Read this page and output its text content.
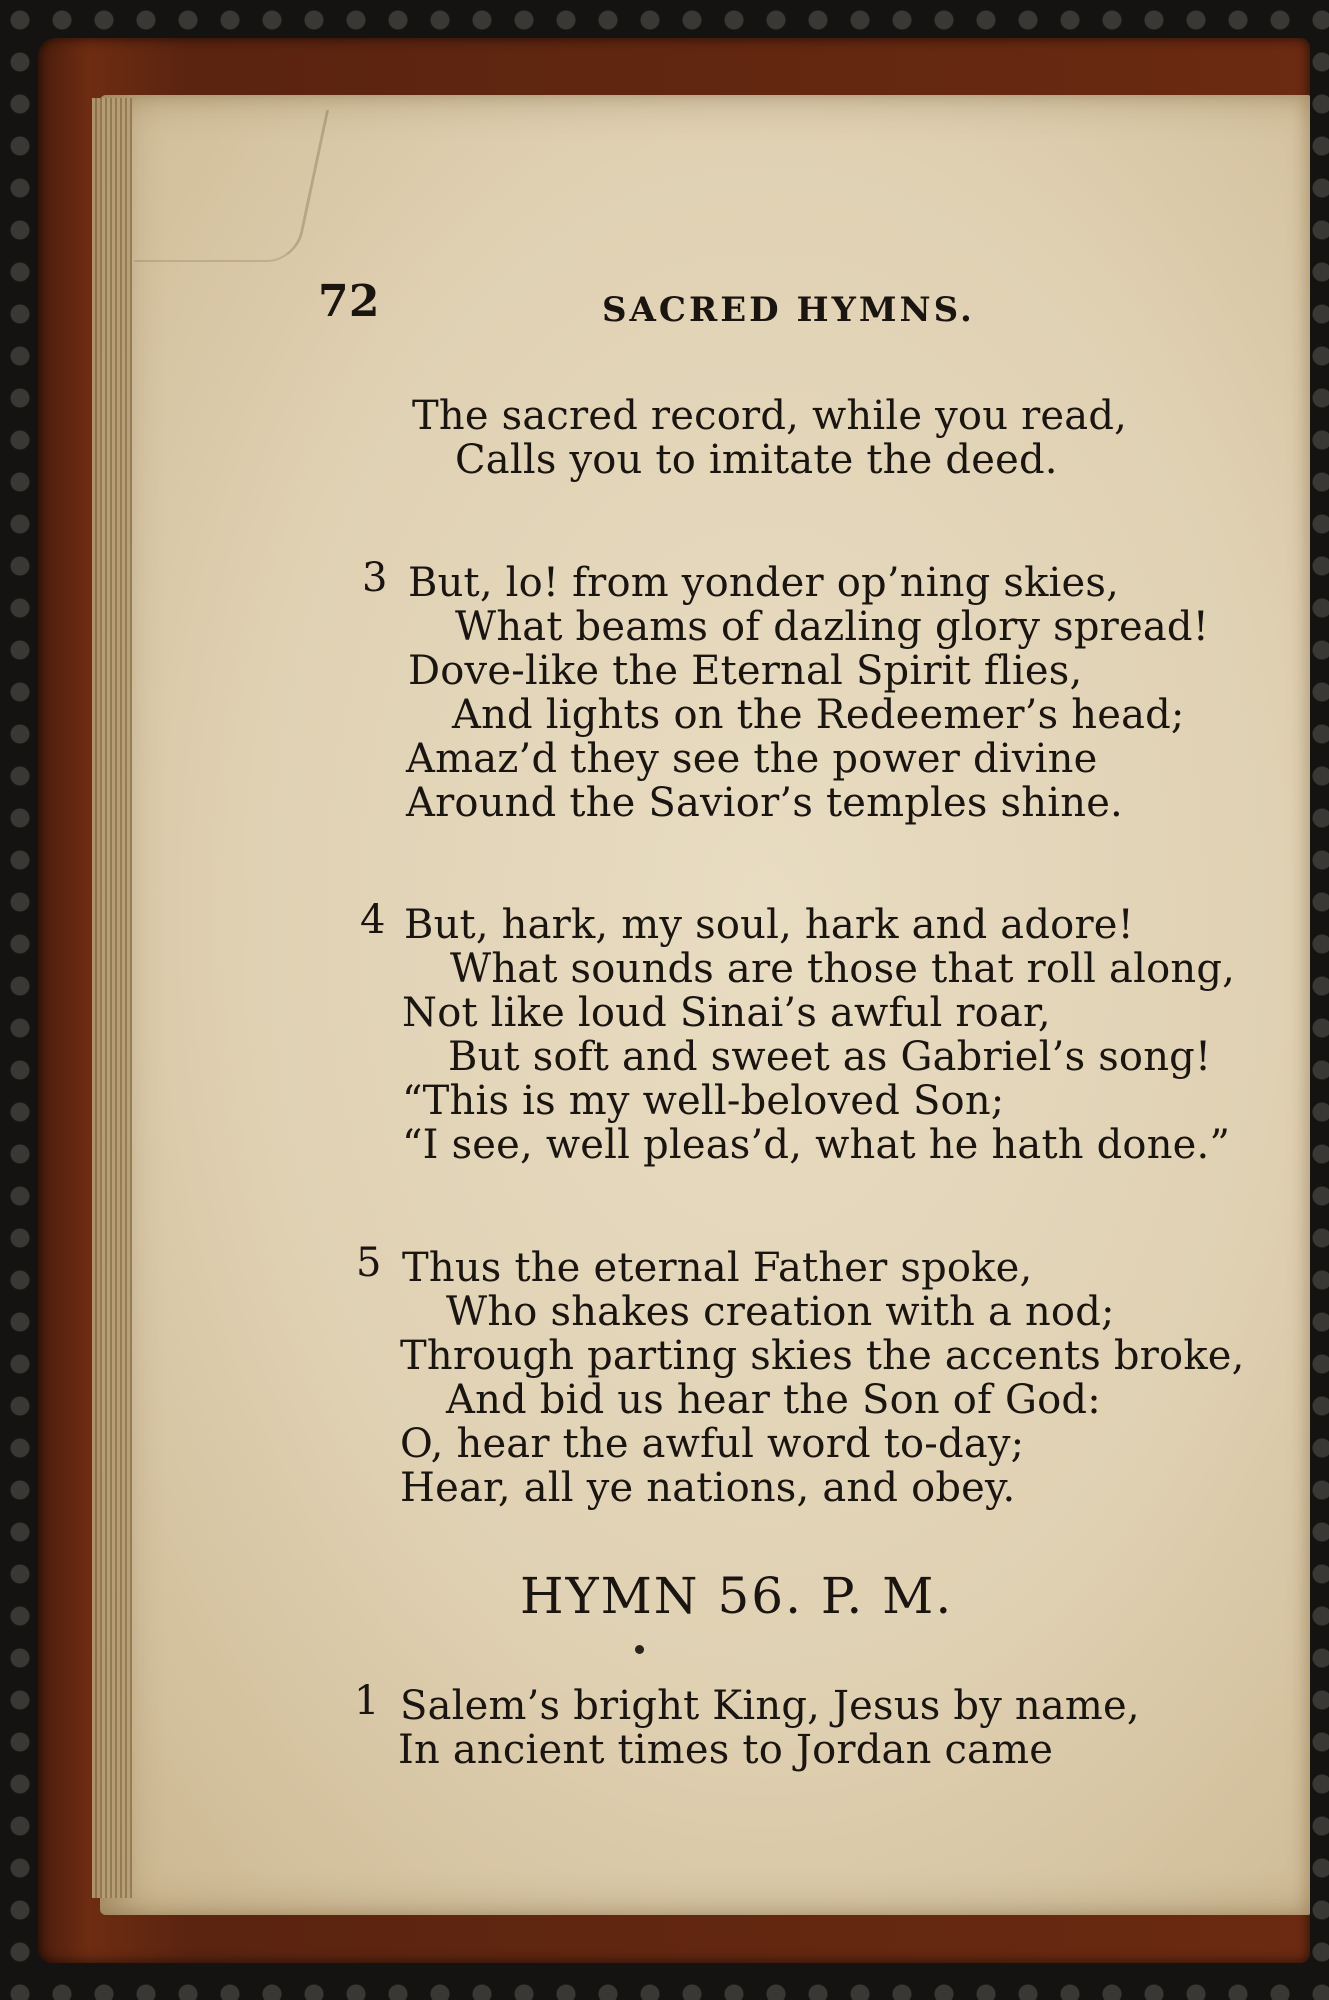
72	SACRED HYMNS.
The sacred record, while you read,
Calls you to imitate the deed.
3 But, lo! from yonder op’ning skies,
What beams of dazling glory spread!
Dove-like the Eternal Spirit flies,
And lights on the Redeemer’s head;
Amaz’d they see the power divine
Around the Savior’s temples shine.
4 But, hark, my soul, hark and adore!
What sounds are those that roll along,
Not like loud Sinai’s awful roar,
But soft and sweet as Gabriel’s song!
“This is my well-beloved Son;
“I see, well pleas’d, what he hath done.”
5 Thus the eternal Father spoke,
Who shakes creation with a nod;
Through parting skies the accents broke,
And bid us hear the Son of God:
O, hear the awful word to-day;
Hear, all ye nations, and obey.
HYMN 56. P. M.
1 Salem’s bright King, Jesus by name,
In ancient times to Jordan came
